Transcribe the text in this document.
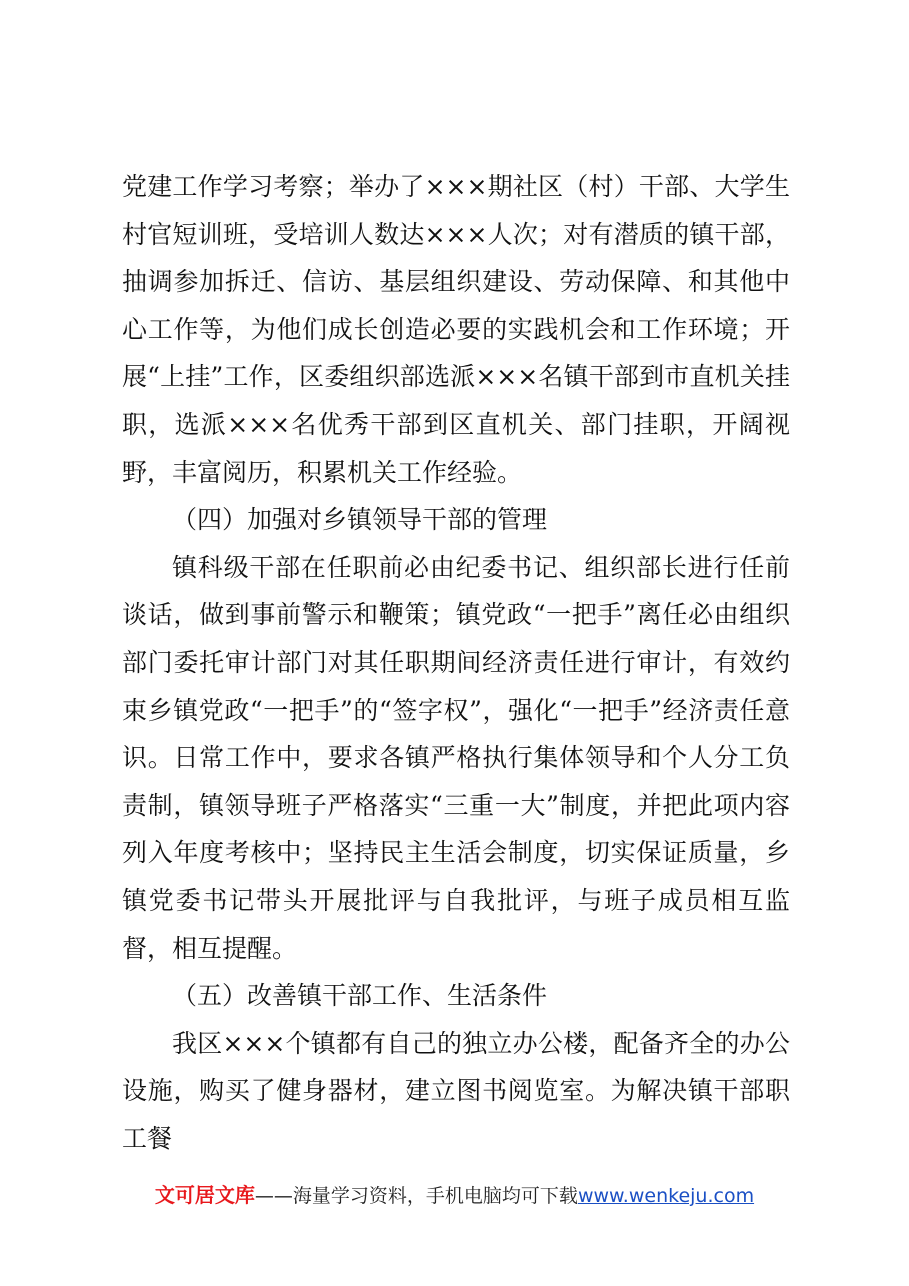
党建工作学习考察；举办了×××期社区（村）干部、大学生村官短训班，受培训人数达×××人次；对有潜质的镇干部，抽调参加拆迁、信访、基层组织建设、劳动保障、和其他中心工作等，为他们成长创造必要的实践机会和工作环境；开展“上挂”工作，区委组织部选派×××名镇干部到市直机关挂职，选派×××名优秀干部到区直机关、部门挂职，开阔视野，丰富阅历，积累机关工作经验。

（四）加强对乡镇领导干部的管理

镇科级干部在任职前必由纪委书记、组织部长进行任前谈话，做到事前警示和鞭策；镇党政“一把手”离任必由组织部门委托审计部门对其任职期间经济责任进行审计，有效约束乡镇党政“一把手”的“签字权”，强化“一把手”经济责任意识。日常工作中，要求各镇严格执行集体领导和个人分工负责制，镇领导班子严格落实“三重一大”制度，并把此项内容列入年度考核中；坚持民主生活会制度，切实保证质量，乡镇党委书记带头开展批评与自我批评，与班子成员相互监督，相互提醒。

（五）改善镇干部工作、生活条件

我区×××个镇都有自己的独立办公楼，配备齐全的办公设施，购买了健身器材，建立图书阅览室。为解决镇干部职工餐

文可居文库——海量学习资料，手机电脑均可下载www.wenkeju.com
